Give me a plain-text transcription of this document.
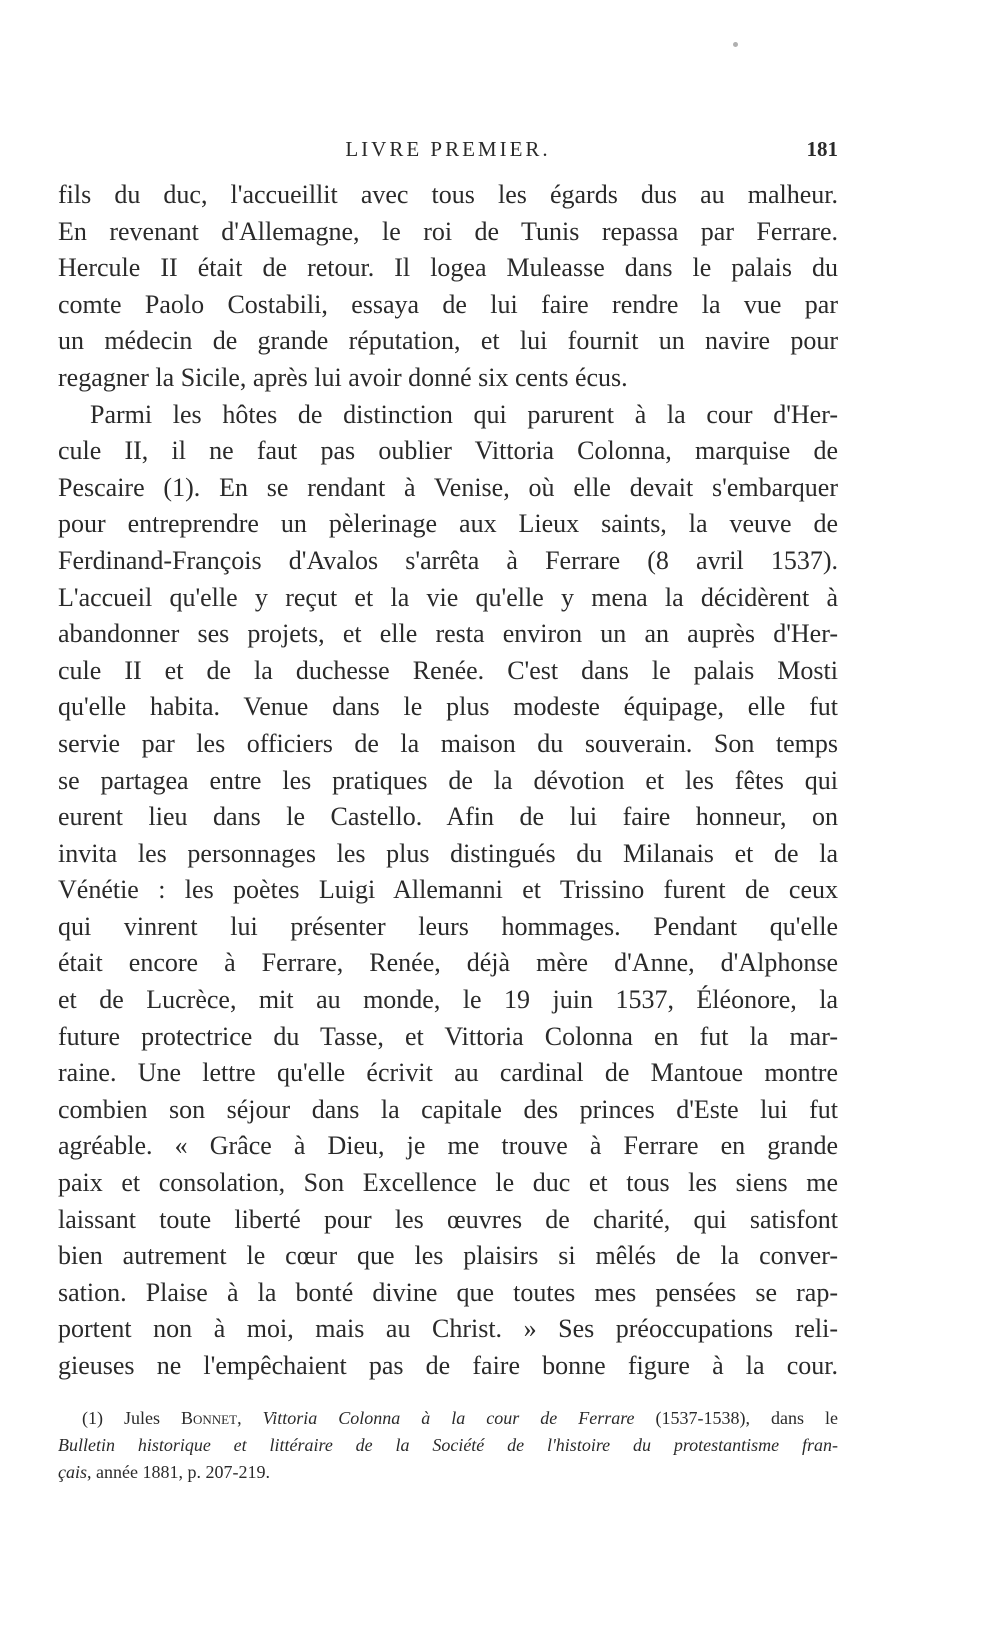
LIVRE PREMIER.	181
fils du duc, l'accueillit avec tous les égards dus au malheur.
En revenant d'Allemagne, le roi de Tunis repassa par Ferrare.
Hercule II était de retour. Il logea Muleasse dans le palais du
comte Paolo Costabili, essaya de lui faire rendre la vue par
un médecin de grande réputation, et lui fournit un navire pour
regagner la Sicile, après lui avoir donné six cents écus.
Parmi les hôtes de distinction qui parurent à la cour d'Her-
cule II, il ne faut pas oublier Vittoria Colonna, marquise de
Pescaire (1). En se rendant à Venise, où elle devait s'embarquer
pour entreprendre un pèlerinage aux Lieux saints, la veuve de
Ferdinand-François d'Avalos s'arrêta à Ferrare (8 avril 1537).
L'accueil qu'elle y reçut et la vie qu'elle y mena la décidèrent à
abandonner ses projets, et elle resta environ un an auprès d'Her-
cule II et de la duchesse Renée. C'est dans le palais Mosti
qu'elle habita. Venue dans le plus modeste équipage, elle fut
servie par les officiers de la maison du souverain. Son temps
se partagea entre les pratiques de la dévotion et les fêtes qui
eurent lieu dans le Castello. Afin de lui faire honneur, on
invita les personnages les plus distingués du Milanais et de la
Vénétie : les poètes Luigi Allemanni et Trissino furent de ceux
qui vinrent lui présenter leurs hommages. Pendant qu'elle
était encore à Ferrare, Renée, déjà mère d'Anne, d'Alphonse
et de Lucrèce, mit au monde, le 19 juin 1537, Éléonore, la
future protectrice du Tasse, et Vittoria Colonna en fut la mar-
raine. Une lettre qu'elle écrivit au cardinal de Mantoue montre
combien son séjour dans la capitale des princes d'Este lui fut
agréable. « Grâce à Dieu, je me trouve à Ferrare en grande
paix et consolation, Son Excellence le duc et tous les siens me
laissant toute liberté pour les œuvres de charité, qui satisfont
bien autrement le cœur que les plaisirs si mêlés de la conver-
sation. Plaise à la bonté divine que toutes mes pensées se rap-
portent non à moi, mais au Christ. » Ses préoccupations reli-
gieuses ne l'empêchaient pas de faire bonne figure à la cour.
(1) Jules Bonnet, Vittoria Colonna à la cour de Ferrare (1537-1538), dans le
Bulletin historique et littéraire de la Société de l'histoire du protestantisme fran-
çais, année 1881, p. 207-219.
